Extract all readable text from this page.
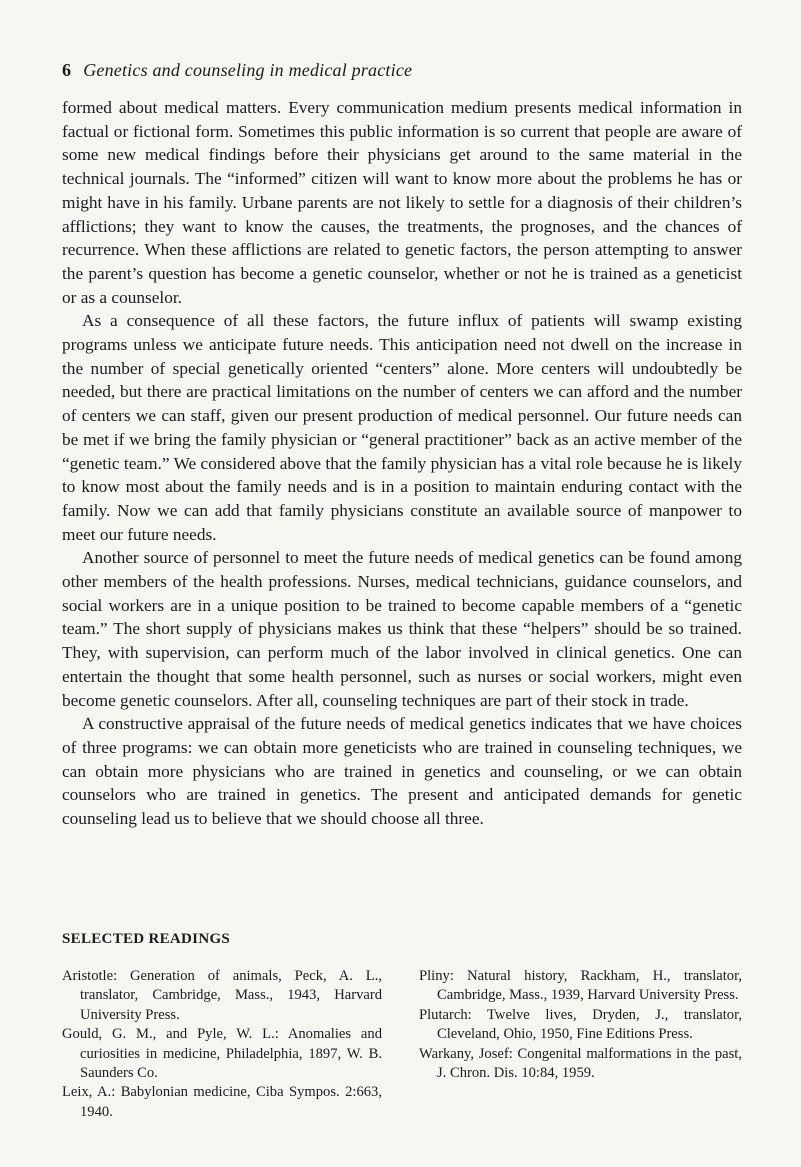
6 Genetics and counseling in medical practice

formed about medical matters. Every communication medium presents medical information in factual or fictional form. Sometimes this public information is so current that people are aware of some new medical findings before their physicians get around to the same material in the technical journals. The “informed” citizen will want to know more about the problems he has or might have in his family. Urbane parents are not likely to settle for a diagnosis of their children’s afflictions; they want to know the causes, the treatments, the prognoses, and the chances of recurrence. When these afflictions are related to genetic factors, the person attempting to answer the parent’s question has become a genetic counselor, whether or not he is trained as a geneticist or as a counselor.

As a consequence of all these factors, the future influx of patients will swamp existing programs unless we anticipate future needs. This anticipation need not dwell on the increase in the number of special genetically oriented “centers” alone. More centers will undoubtedly be needed, but there are practical limitations on the number of centers we can afford and the number of centers we can staff, given our present production of medical personnel. Our future needs can be met if we bring the family physician or “general practitioner” back as an active member of the “genetic team.” We considered above that the family physician has a vital role because he is likely to know most about the family needs and is in a position to maintain enduring contact with the family. Now we can add that family physicians constitute an available source of manpower to meet our future needs.

Another source of personnel to meet the future needs of medical genetics can be found among other members of the health professions. Nurses, medical technicians, guidance counselors, and social workers are in a unique position to be trained to become capable members of a “genetic team.” The short supply of physicians makes us think that these “helpers” should be so trained. They, with supervision, can perform much of the labor involved in clinical genetics. One can entertain the thought that some health personnel, such as nurses or social workers, might even become genetic counselors. After all, counseling techniques are part of their stock in trade.

A constructive appraisal of the future needs of medical genetics indicates that we have choices of three programs: we can obtain more geneticists who are trained in counseling techniques, we can obtain more physicians who are trained in genetics and counseling, or we can obtain counselors who are trained in genetics. The present and anticipated demands for genetic counseling lead us to believe that we should choose all three.

SELECTED READINGS

Aristotle: Generation of animals, Peck, A. L., translator, Cambridge, Mass., 1943, Harvard University Press.

Gould, G. M., and Pyle, W. L.: Anomalies and curiosities in medicine, Philadelphia, 1897, W. B. Saunders Co.

Leix, A.: Babylonian medicine, Ciba Sympos. 2:663, 1940.

Pliny: Natural history, Rackham, H., translator, Cambridge, Mass., 1939, Harvard University Press.

Plutarch: Twelve lives, Dryden, J., translator, Cleveland, Ohio, 1950, Fine Editions Press.

Warkany, Josef: Congenital malformations in the past, J. Chron. Dis. 10:84, 1959.
